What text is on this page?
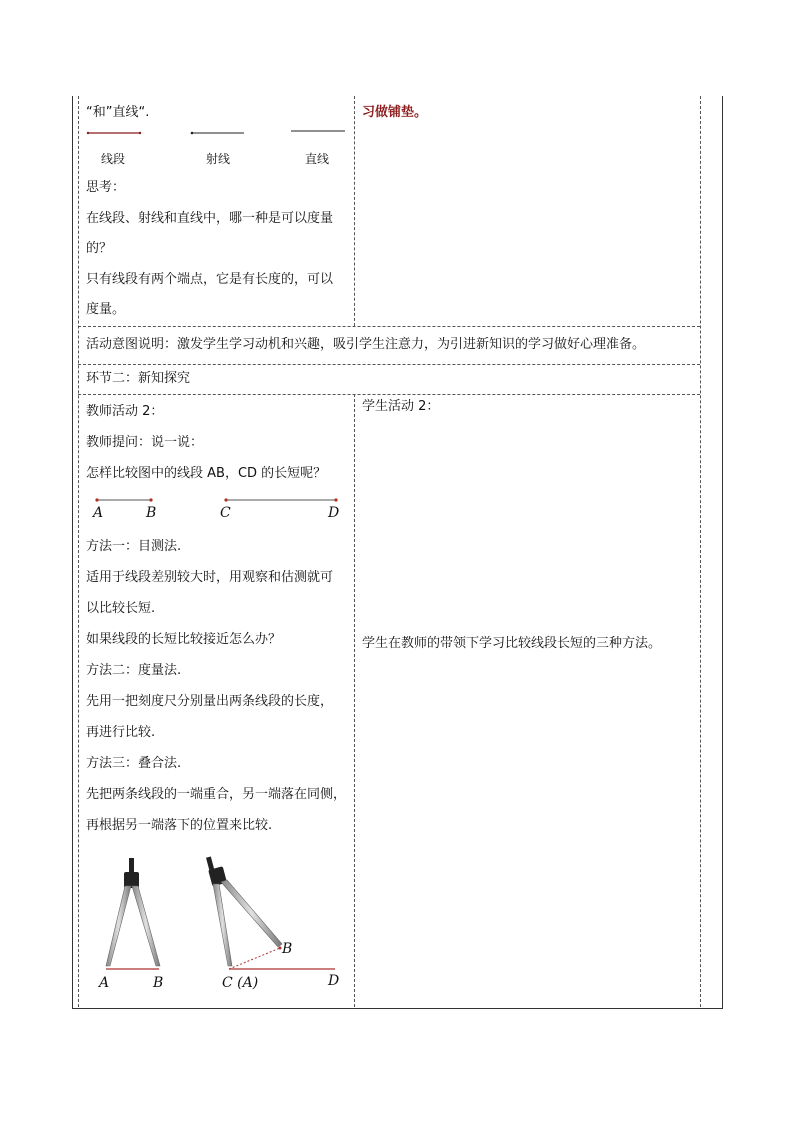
“和”直线“.
线段	射线	直线
思考：
在线段、射线和直线中，哪一种是可以度量
的？
只有线段有两个端点，它是有长度的，可以
度量。
习做铺垫。
活动意图说明：激发学生学习动机和兴趣，吸引学生注意力，为引进新知识的学习做好心理准备。
环节二：新知探究
教师活动 2：
教师提问：说一说：
怎样比较图中的线段 AB，CD 的长短呢？
A	B	C	D
方法一：目测法.
适用于线段差别较大时，用观察和估测就可
以比较长短.
如果线段的长短比较接近怎么办？
方法二：度量法.
先用一把刻度尺分别量出两条线段的长度，
再进行比较.
方法三：叠合法.
先把两条线段的一端重合，另一端落在同侧，
再根据另一端落下的位置来比较.
A	B
B
C (A)	D
学生活动 2：
学生在教师的带领下学习比较线段长短的三种方法。
